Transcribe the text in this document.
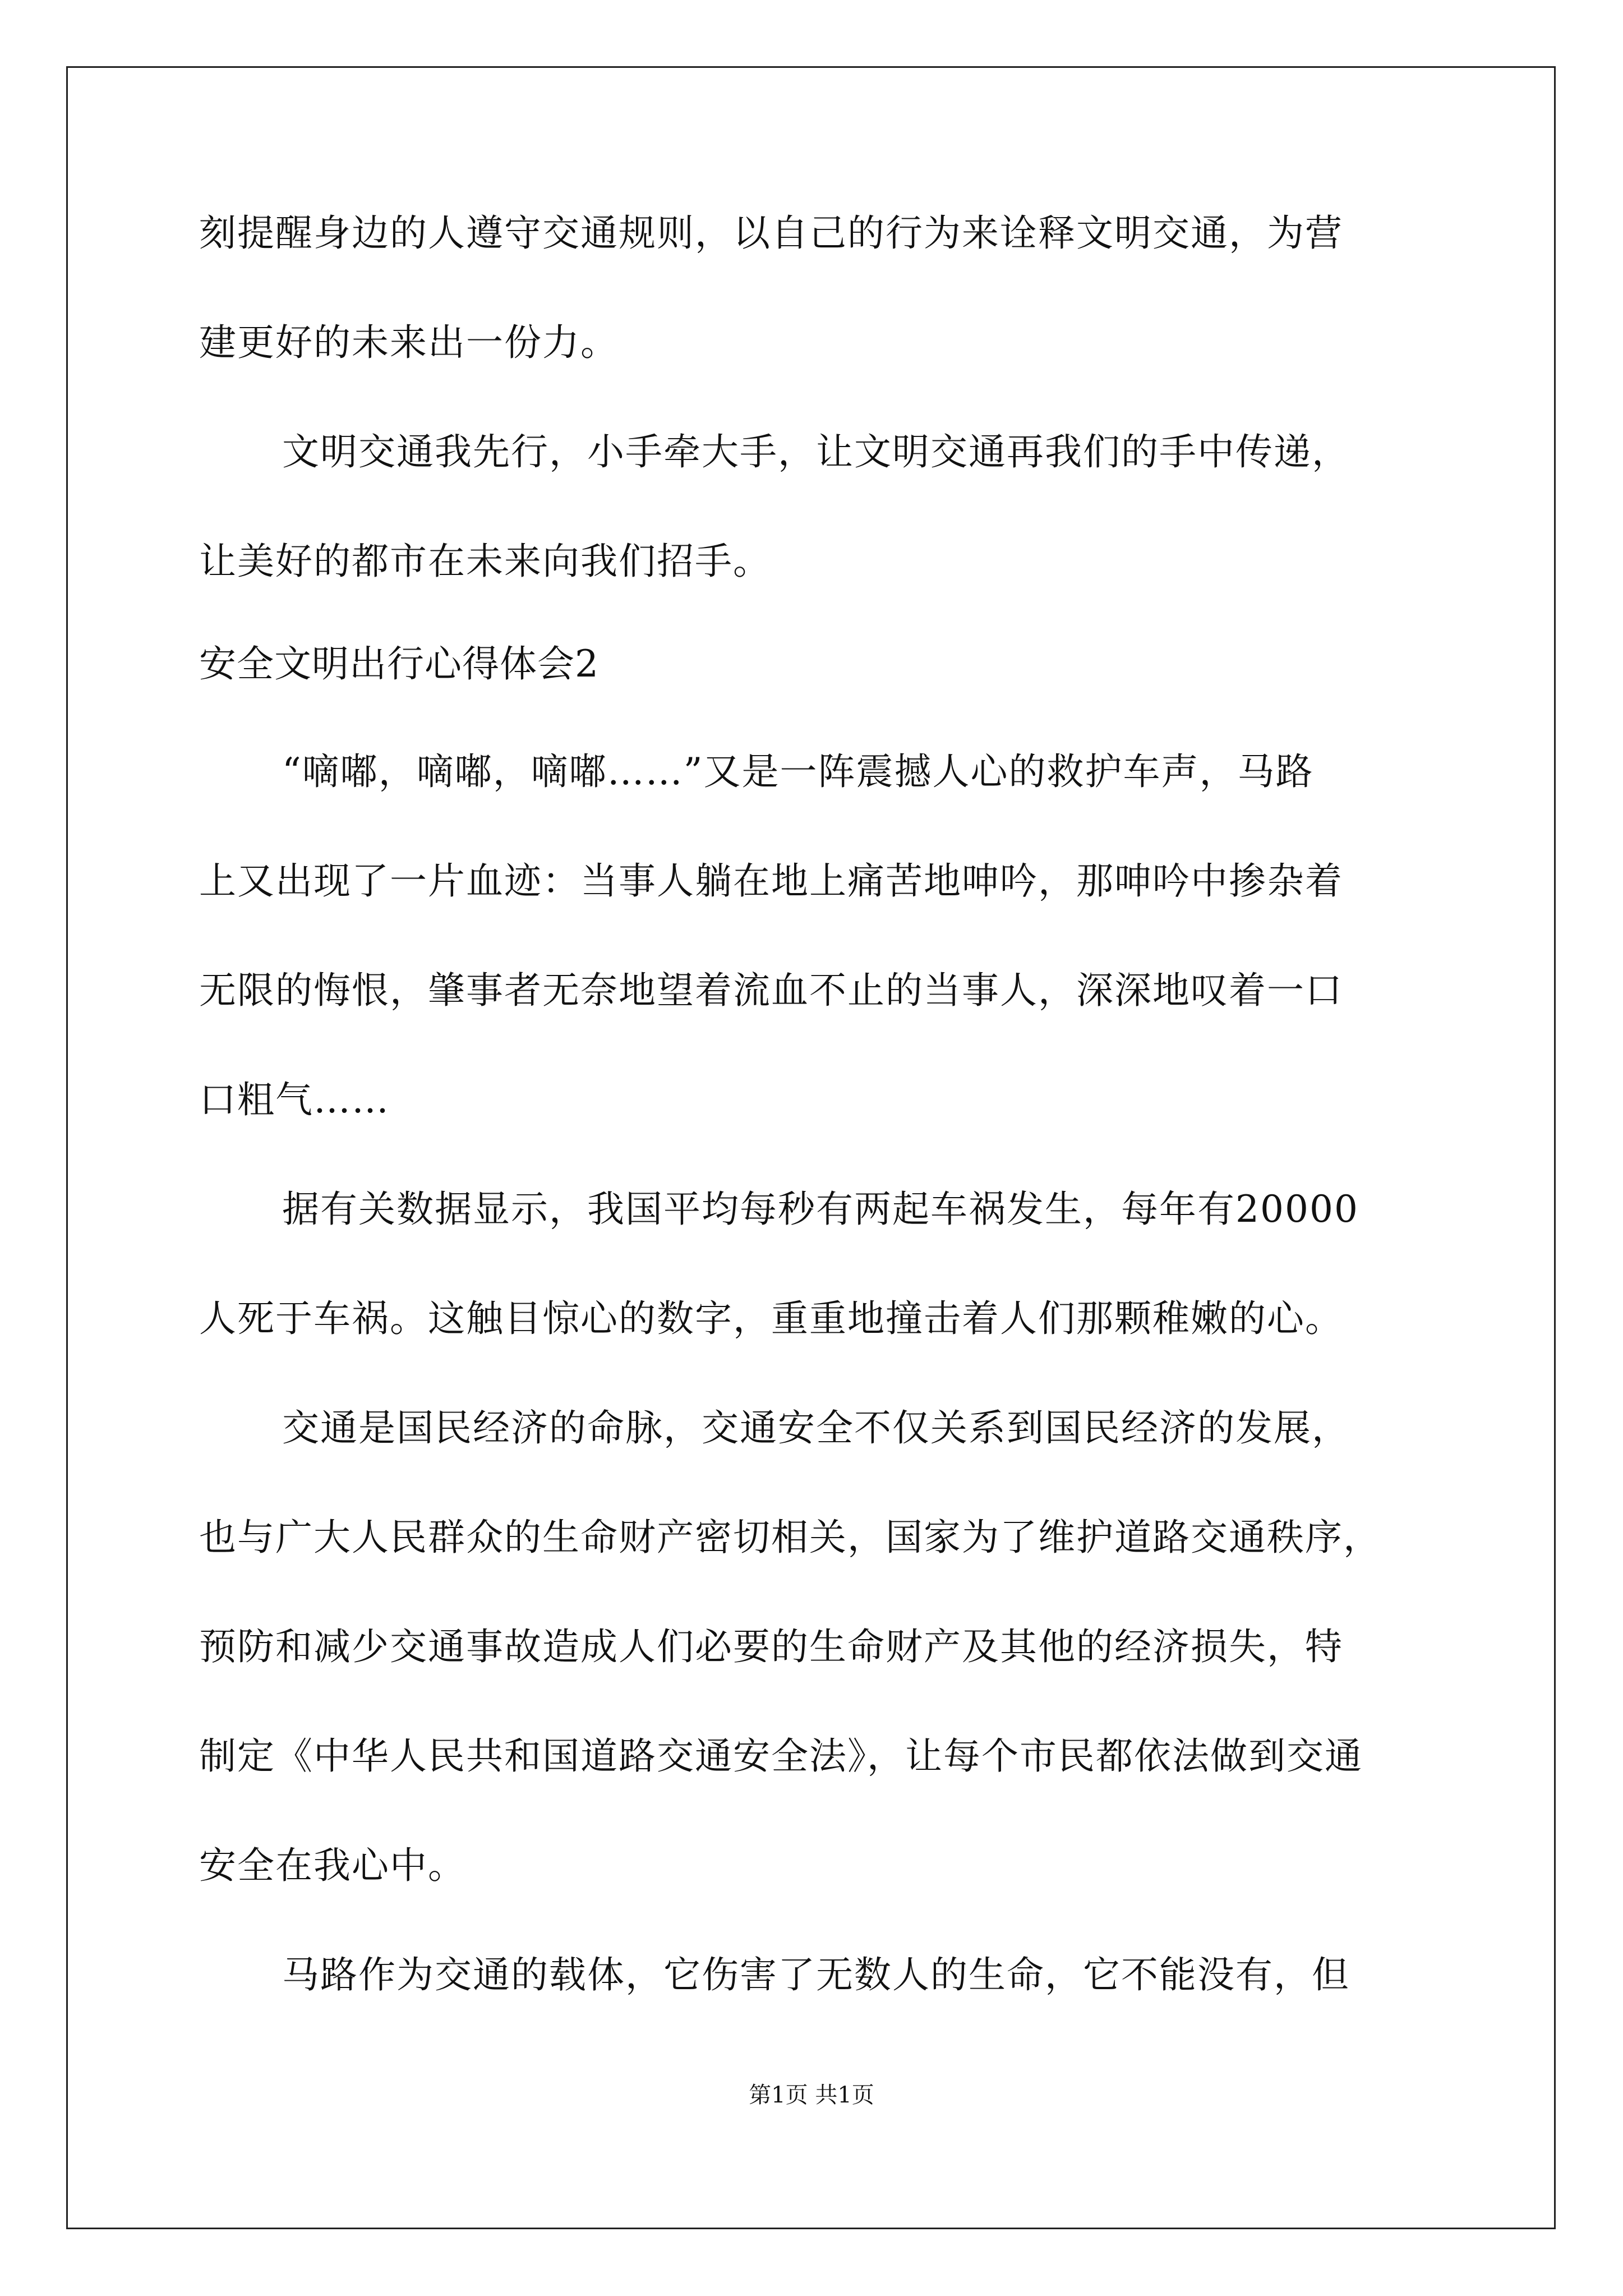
刻提醒身边的人遵守交通规则，以自己的行为来诠释文明交通，为营
建更好的未来出一份力。
文明交通我先行，小手牵大手，让文明交通再我们的手中传递，
让美好的都市在未来向我们招手。
安全文明出行心得体会2
“嘀嘟，嘀嘟，嘀嘟……”又是一阵震撼人心的救护车声，马路
上又出现了一片血迹：当事人躺在地上痛苦地呻吟，那呻吟中掺杂着
无限的悔恨，肇事者无奈地望着流血不止的当事人，深深地叹着一口
口粗气……
据有关数据显示，我国平均每秒有两起车祸发生，每年有20000
人死于车祸。这触目惊心的数字，重重地撞击着人们那颗稚嫩的心。
交通是国民经济的命脉，交通安全不仅关系到国民经济的发展，
也与广大人民群众的生命财产密切相关，国家为了维护道路交通秩序，
预防和减少交通事故造成人们必要的生命财产及其他的经济损失，特
制定《中华人民共和国道路交通安全法》，让每个市民都依法做到交通
安全在我心中。
马路作为交通的载体，它伤害了无数人的生命，它不能没有，但
第1页 共1页
